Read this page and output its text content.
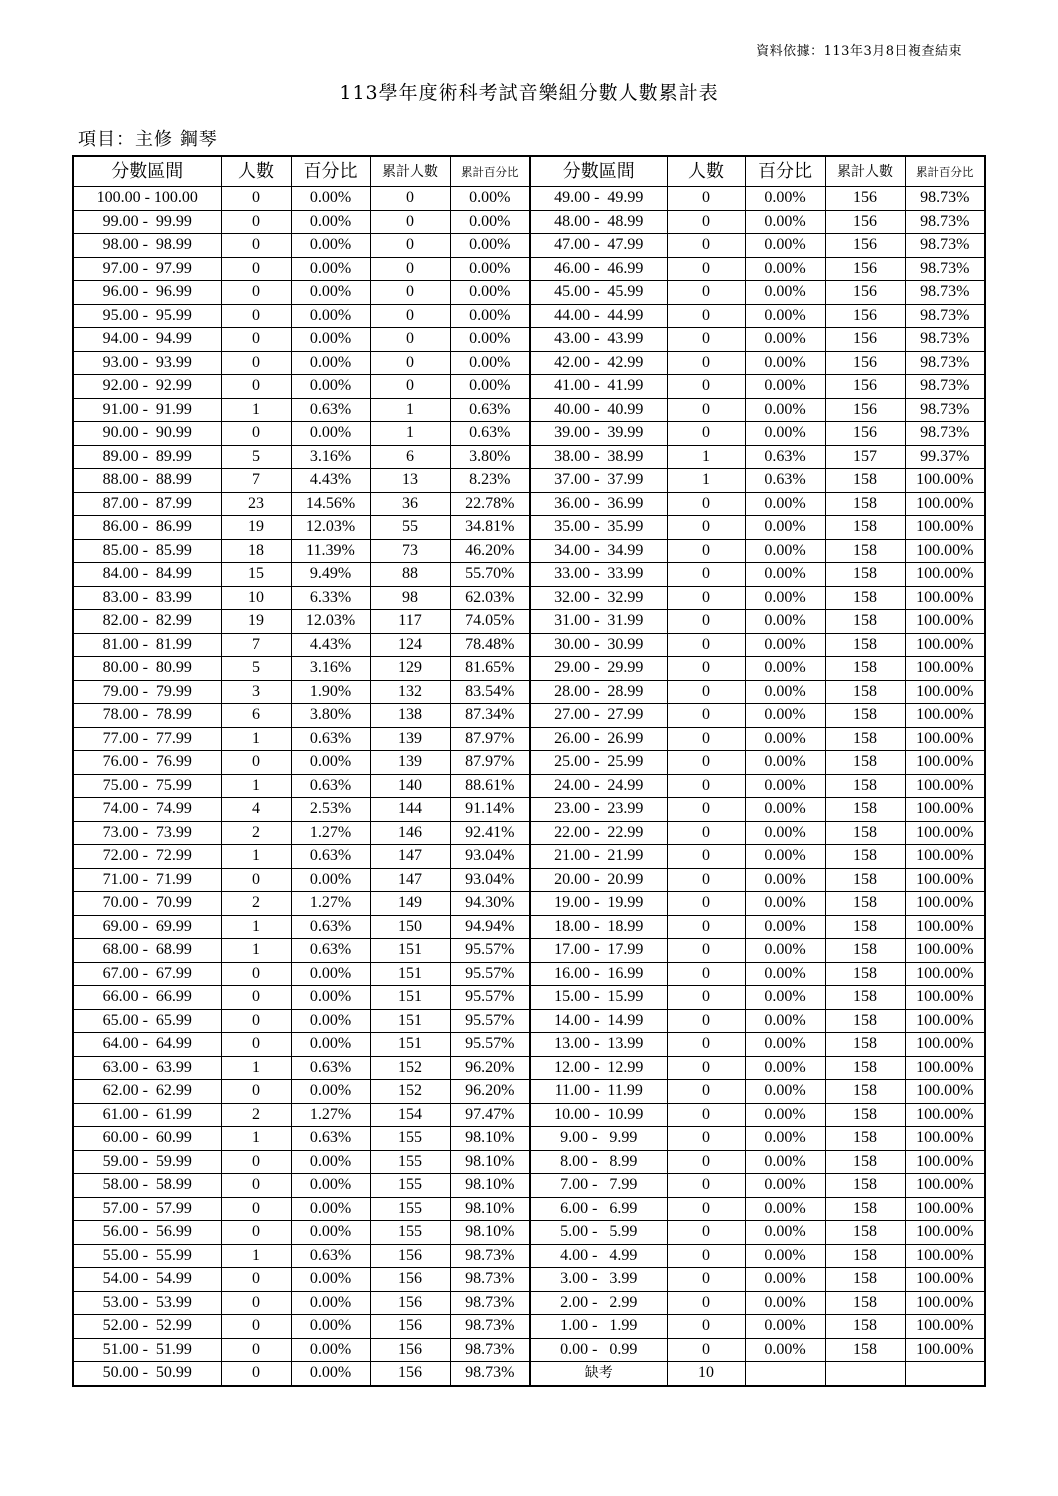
資料依據：113年3月8日複查結束
113學年度術科考試音樂組分數人數累計表
項目：主修 鋼琴
分數區間	人數	百分比	累計人數	累計百分比	分數區間	人數	百分比	累計人數	累計百分比
100.00 - 100.00	0	0.00%	0	0.00%	49.00 -  49.99	0	0.00%	156	98.73%
99.00 -  99.99	0	0.00%	0	0.00%	48.00 -  48.99	0	0.00%	156	98.73%
98.00 -  98.99	0	0.00%	0	0.00%	47.00 -  47.99	0	0.00%	156	98.73%
97.00 -  97.99	0	0.00%	0	0.00%	46.00 -  46.99	0	0.00%	156	98.73%
96.00 -  96.99	0	0.00%	0	0.00%	45.00 -  45.99	0	0.00%	156	98.73%
95.00 -  95.99	0	0.00%	0	0.00%	44.00 -  44.99	0	0.00%	156	98.73%
94.00 -  94.99	0	0.00%	0	0.00%	43.00 -  43.99	0	0.00%	156	98.73%
93.00 -  93.99	0	0.00%	0	0.00%	42.00 -  42.99	0	0.00%	156	98.73%
92.00 -  92.99	0	0.00%	0	0.00%	41.00 -  41.99	0	0.00%	156	98.73%
91.00 -  91.99	1	0.63%	1	0.63%	40.00 -  40.99	0	0.00%	156	98.73%
90.00 -  90.99	0	0.00%	1	0.63%	39.00 -  39.99	0	0.00%	156	98.73%
89.00 -  89.99	5	3.16%	6	3.80%	38.00 -  38.99	1	0.63%	157	99.37%
88.00 -  88.99	7	4.43%	13	8.23%	37.00 -  37.99	1	0.63%	158	100.00%
87.00 -  87.99	23	14.56%	36	22.78%	36.00 -  36.99	0	0.00%	158	100.00%
86.00 -  86.99	19	12.03%	55	34.81%	35.00 -  35.99	0	0.00%	158	100.00%
85.00 -  85.99	18	11.39%	73	46.20%	34.00 -  34.99	0	0.00%	158	100.00%
84.00 -  84.99	15	9.49%	88	55.70%	33.00 -  33.99	0	0.00%	158	100.00%
83.00 -  83.99	10	6.33%	98	62.03%	32.00 -  32.99	0	0.00%	158	100.00%
82.00 -  82.99	19	12.03%	117	74.05%	31.00 -  31.99	0	0.00%	158	100.00%
81.00 -  81.99	7	4.43%	124	78.48%	30.00 -  30.99	0	0.00%	158	100.00%
80.00 -  80.99	5	3.16%	129	81.65%	29.00 -  29.99	0	0.00%	158	100.00%
79.00 -  79.99	3	1.90%	132	83.54%	28.00 -  28.99	0	0.00%	158	100.00%
78.00 -  78.99	6	3.80%	138	87.34%	27.00 -  27.99	0	0.00%	158	100.00%
77.00 -  77.99	1	0.63%	139	87.97%	26.00 -  26.99	0	0.00%	158	100.00%
76.00 -  76.99	0	0.00%	139	87.97%	25.00 -  25.99	0	0.00%	158	100.00%
75.00 -  75.99	1	0.63%	140	88.61%	24.00 -  24.99	0	0.00%	158	100.00%
74.00 -  74.99	4	2.53%	144	91.14%	23.00 -  23.99	0	0.00%	158	100.00%
73.00 -  73.99	2	1.27%	146	92.41%	22.00 -  22.99	0	0.00%	158	100.00%
72.00 -  72.99	1	0.63%	147	93.04%	21.00 -  21.99	0	0.00%	158	100.00%
71.00 -  71.99	0	0.00%	147	93.04%	20.00 -  20.99	0	0.00%	158	100.00%
70.00 -  70.99	2	1.27%	149	94.30%	19.00 -  19.99	0	0.00%	158	100.00%
69.00 -  69.99	1	0.63%	150	94.94%	18.00 -  18.99	0	0.00%	158	100.00%
68.00 -  68.99	1	0.63%	151	95.57%	17.00 -  17.99	0	0.00%	158	100.00%
67.00 -  67.99	0	0.00%	151	95.57%	16.00 -  16.99	0	0.00%	158	100.00%
66.00 -  66.99	0	0.00%	151	95.57%	15.00 -  15.99	0	0.00%	158	100.00%
65.00 -  65.99	0	0.00%	151	95.57%	14.00 -  14.99	0	0.00%	158	100.00%
64.00 -  64.99	0	0.00%	151	95.57%	13.00 -  13.99	0	0.00%	158	100.00%
63.00 -  63.99	1	0.63%	152	96.20%	12.00 -  12.99	0	0.00%	158	100.00%
62.00 -  62.99	0	0.00%	152	96.20%	11.00 -  11.99	0	0.00%	158	100.00%
61.00 -  61.99	2	1.27%	154	97.47%	10.00 -  10.99	0	0.00%	158	100.00%
60.00 -  60.99	1	0.63%	155	98.10%	9.00 -   9.99	0	0.00%	158	100.00%
59.00 -  59.99	0	0.00%	155	98.10%	8.00 -   8.99	0	0.00%	158	100.00%
58.00 -  58.99	0	0.00%	155	98.10%	7.00 -   7.99	0	0.00%	158	100.00%
57.00 -  57.99	0	0.00%	155	98.10%	6.00 -   6.99	0	0.00%	158	100.00%
56.00 -  56.99	0	0.00%	155	98.10%	5.00 -   5.99	0	0.00%	158	100.00%
55.00 -  55.99	1	0.63%	156	98.73%	4.00 -   4.99	0	0.00%	158	100.00%
54.00 -  54.99	0	0.00%	156	98.73%	3.00 -   3.99	0	0.00%	158	100.00%
53.00 -  53.99	0	0.00%	156	98.73%	2.00 -   2.99	0	0.00%	158	100.00%
52.00 -  52.99	0	0.00%	156	98.73%	1.00 -   1.99	0	0.00%	158	100.00%
51.00 -  51.99	0	0.00%	156	98.73%	0.00 -   0.99	0	0.00%	158	100.00%
50.00 -  50.99	0	0.00%	156	98.73%	缺考	10			
